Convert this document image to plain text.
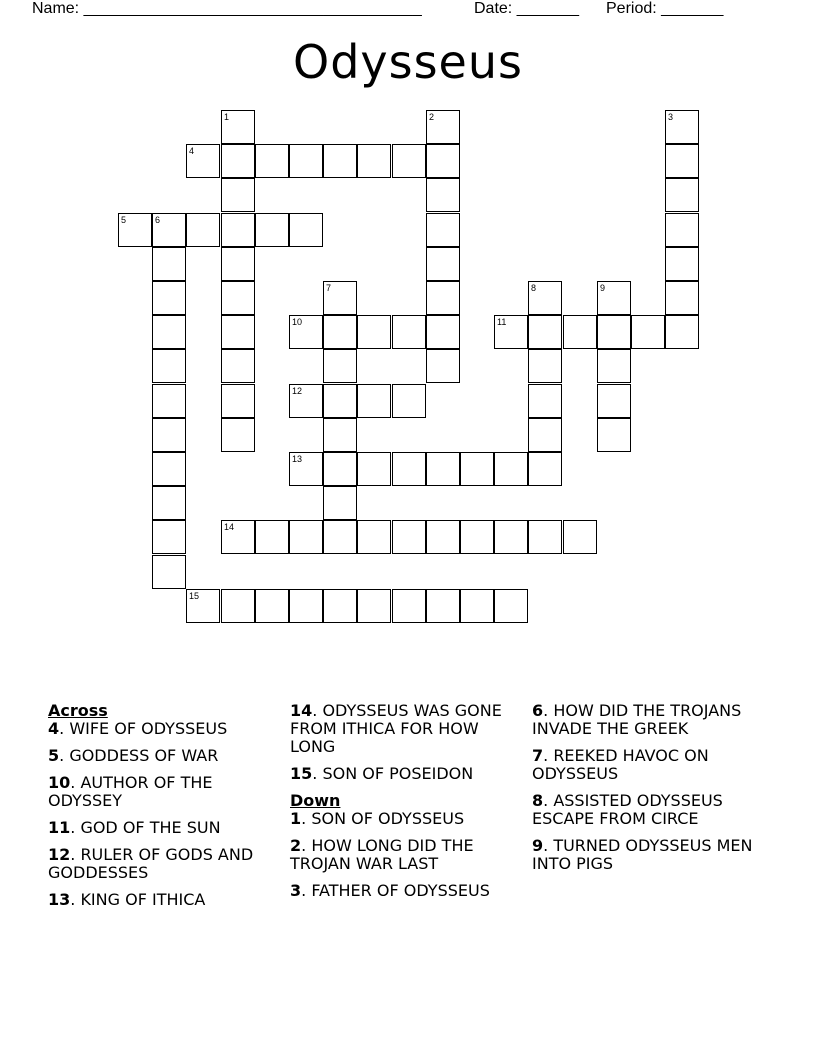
Name: ______________________________________	Date: _______ Period: _______
Odysseus
4
5	6
10	11
12
13
14
15
1	2	3
7	8	9
Across
4. WIFE OF ODYSSEUS
5. GODDESS OF WAR
10. AUTHOR OF THE ODYSSEY
11. GOD OF THE SUN
12. RULER OF GODS AND GODDESSES
13. KING OF ITHICA
14. ODYSSEUS WAS GONE FROM ITHICA FOR HOW LONG
15. SON OF POSEIDON
Down
1. SON OF ODYSSEUS
2. HOW LONG DID THE TROJAN WAR LAST
3. FATHER OF ODYSSEUS
6. HOW DID THE TROJANS INVADE THE GREEK
7. REEKED HAVOC ON ODYSSEUS
8. ASSISTED ODYSSEUS ESCAPE FROM CIRCE
9. TURNED ODYSSEUS MEN INTO PIGS
